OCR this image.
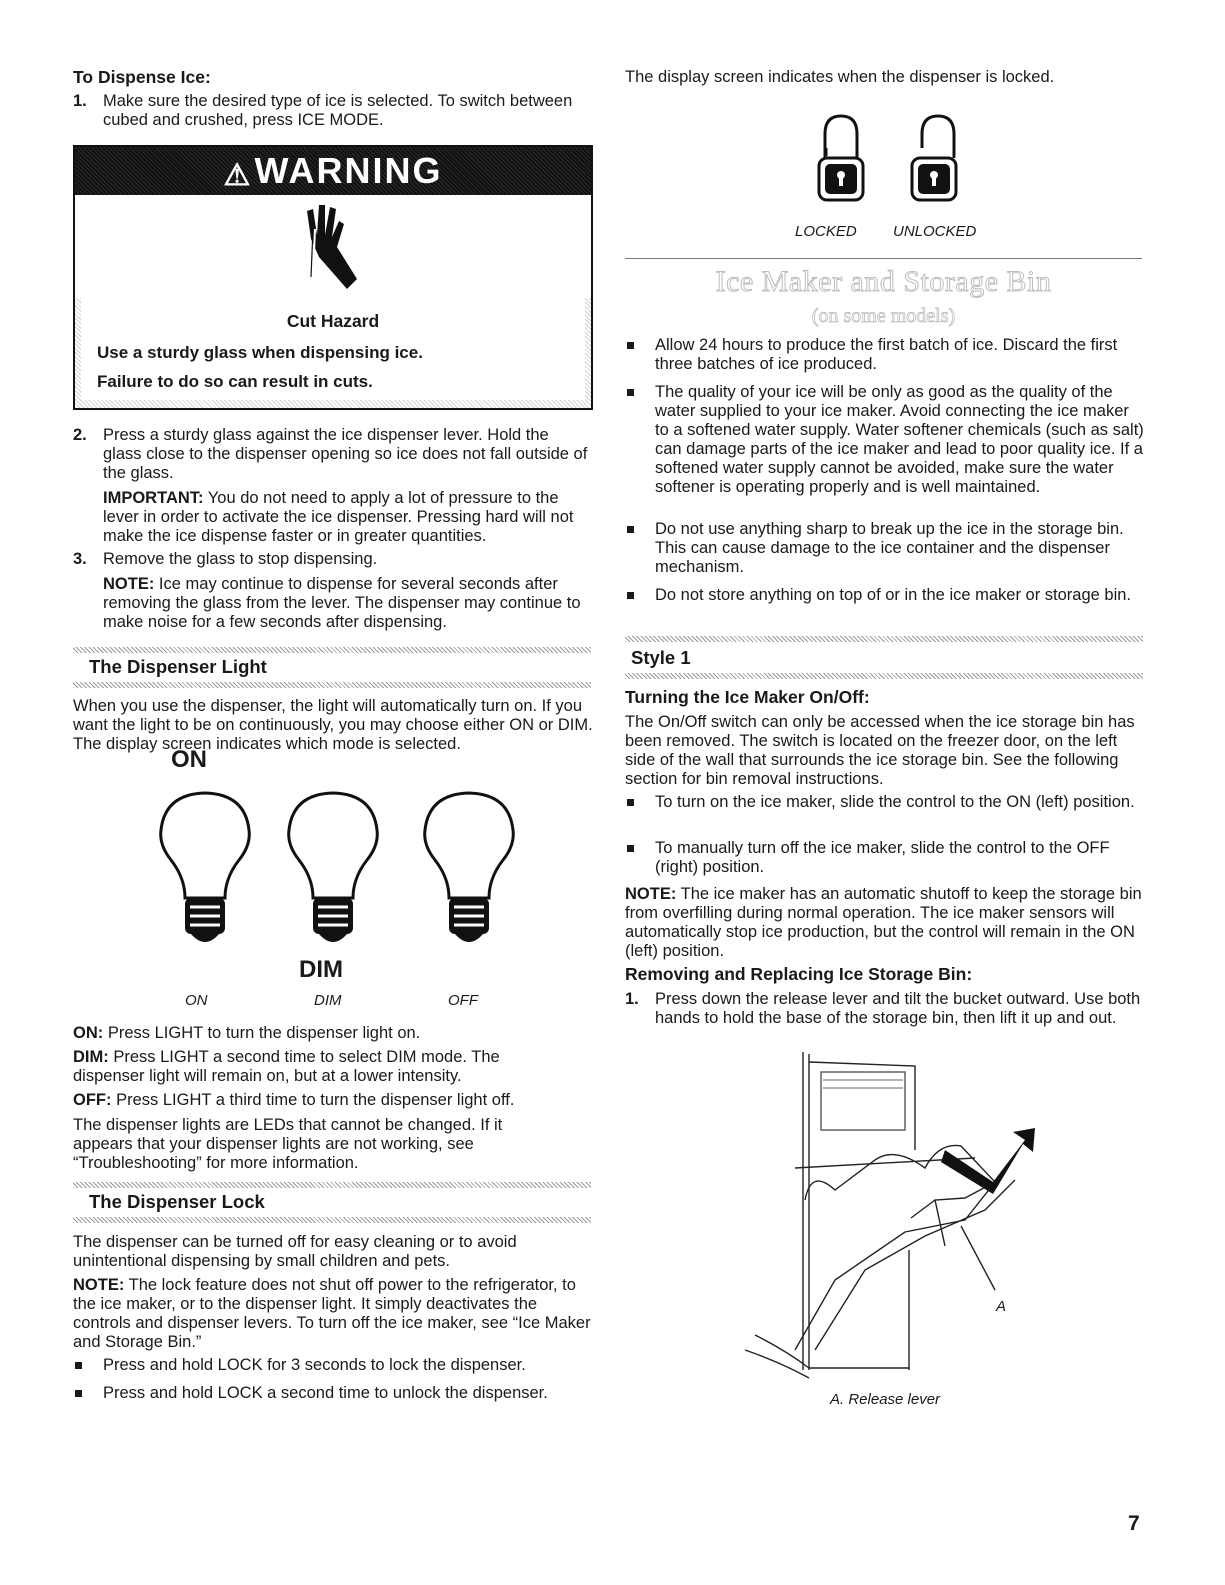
To Dispense Ice:
1. Make sure the desired type of ice is selected. To switch between cubed and crushed, press ICE MODE.

⚠WARNING
Cut Hazard
Use a sturdy glass when dispensing ice.
Failure to do so can result in cuts.
2. Press a sturdy glass against the ice dispenser lever. Hold the glass close to the dispenser opening so ice does not fall outside of the glass.

IMPORTANT: You do not need to apply a lot of pressure to the lever in order to activate the ice dispenser. Pressing hard will not make the ice dispense faster or in greater quantities.

3. Remove the glass to stop dispensing.

NOTE: Ice may continue to dispense for several seconds after removing the glass from the lever. The dispenser may continue to make noise for a few seconds after dispensing.

The Dispenser Light

When you use the dispenser, the light will automatically turn on. If you want the light to be on continuously, you may choose either ON or DIM. The display screen indicates which mode is selected.

ON
DIM
ON	DIM	OFF

ON: Press LIGHT to turn the dispenser light on.

DIM: Press LIGHT a second time to select DIM mode. The dispenser light will remain on, but at a lower intensity.

OFF: Press LIGHT a third time to turn the dispenser light off.

The dispenser lights are LEDs that cannot be changed. If it appears that your dispenser lights are not working, see “Troubleshooting” for more information.

The Dispenser Lock

The dispenser can be turned off for easy cleaning or to avoid unintentional dispensing by small children and pets.

NOTE: The lock feature does not shut off power to the refrigerator, to the ice maker, or to the dispenser light. It simply deactivates the controls and dispenser levers. To turn off the ice maker, see “Ice Maker and Storage Bin.”

Press and hold LOCK for 3 seconds to lock the dispenser.

Press and hold LOCK a second time to unlock the dispenser.

The display screen indicates when the dispenser is locked.

LOCKED UNLOCKED
Ice Maker and Storage Bin
(on some models)

Allow 24 hours to produce the first batch of ice. Discard the first three batches of ice produced.

The quality of your ice will be only as good as the quality of the water supplied to your ice maker. Avoid connecting the ice maker to a softened water supply. Water softener chemicals (such as salt) can damage parts of the ice maker and lead to poor quality ice. If a softened water supply cannot be avoided, make sure the water softener is operating properly and is well maintained.

Do not use anything sharp to break up the ice in the storage bin. This can cause damage to the ice container and the dispenser mechanism.

Do not store anything on top of or in the ice maker or storage bin.

Style 1
Turning the Ice Maker On/Off:

The On/Off switch can only be accessed when the ice storage bin has been removed. The switch is located on the freezer door, on the left side of the wall that surrounds the ice storage bin. See the following section for bin removal instructions.

To turn on the ice maker, slide the control to the ON (left) position.

To manually turn off the ice maker, slide the control to the OFF (right) position.

NOTE: The ice maker has an automatic shutoff to keep the storage bin from overfilling during normal operation. The ice maker sensors will automatically stop ice production, but the control will remain in the ON (left) position.

Removing and Replacing Ice Storage Bin:
1. Press down the release lever and tilt the bucket outward. Use both hands to hold the base of the storage bin, then lift it up and out.

A
A. Release lever
7
